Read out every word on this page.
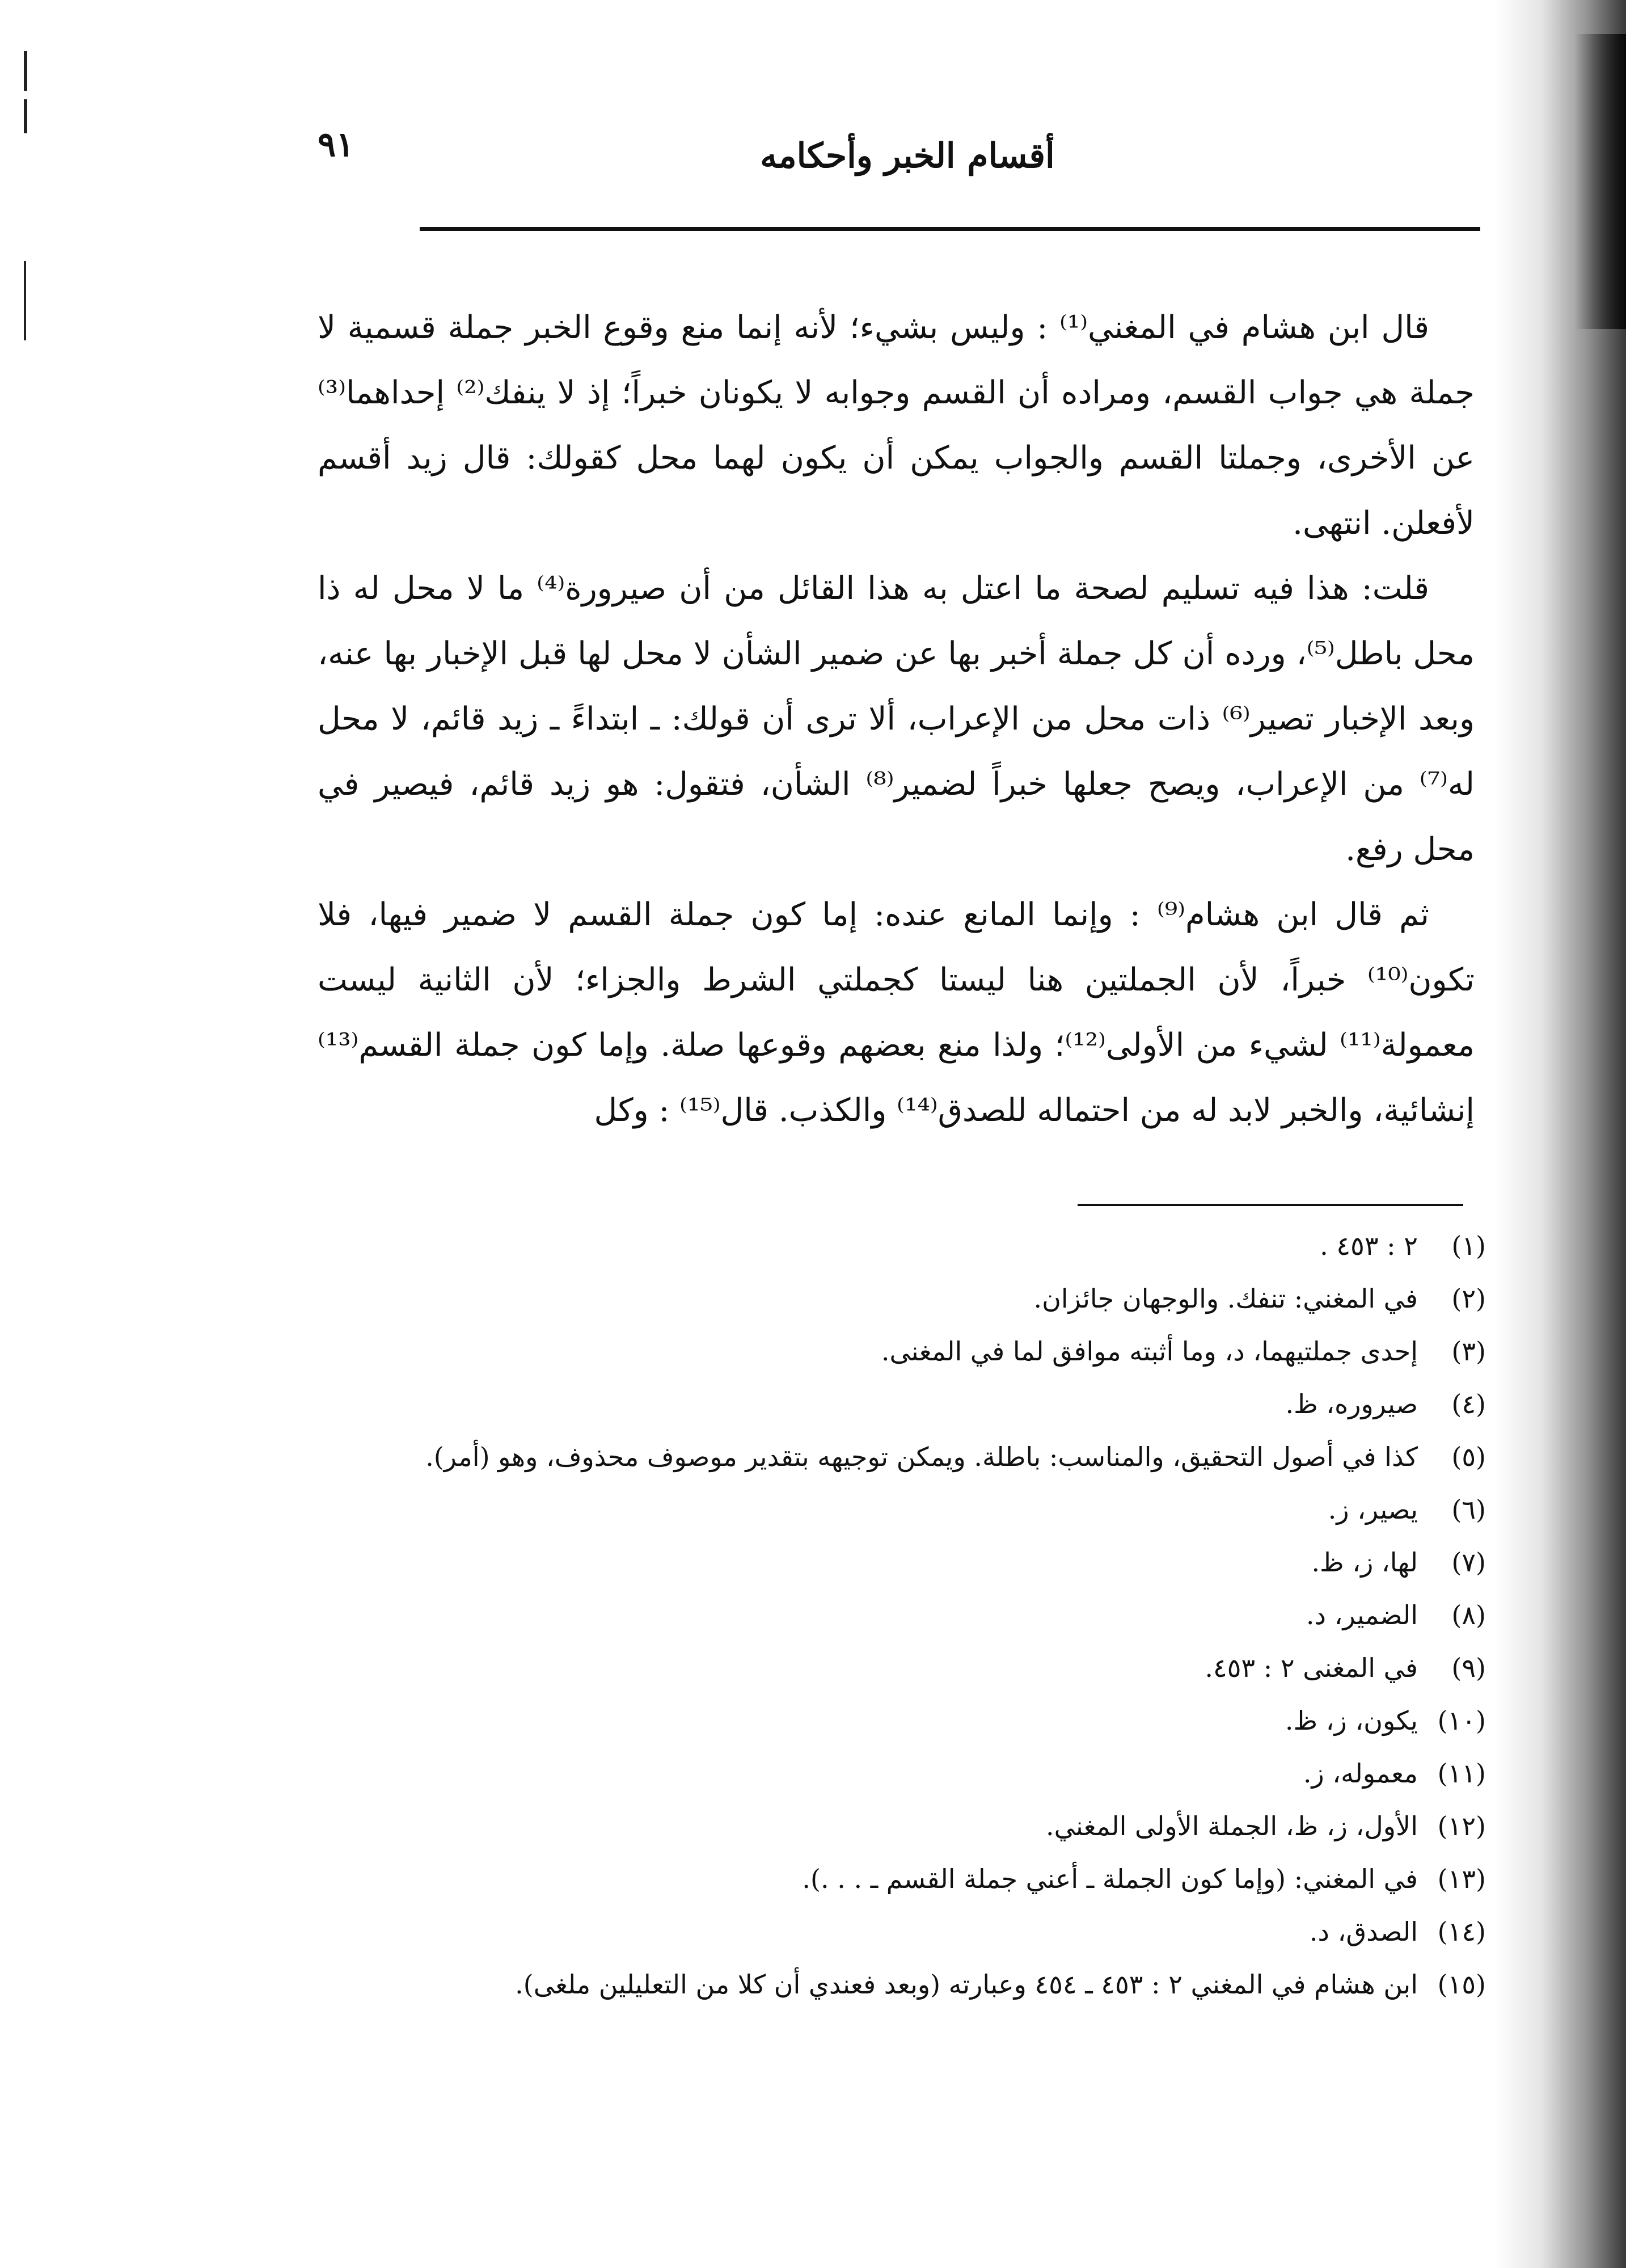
أقسام الخبر وأحكامه
٩١

قال ابن هشام في المغني⁽¹⁾ : وليس بشيء؛ لأنه إنما منع وقوع الخبر جملة قسمية لا جملة هي جواب القسم، ومراده أن القسم وجوابه لا يكونان خبراً؛ إذ لا ينفك⁽²⁾ إحداهما⁽³⁾ عن الأخرى، وجملتا القسم والجواب يمكن أن يكون لهما محل كقولك: قال زيد أقسم لأفعلن. انتهى.

قلت: هذا فيه تسليم لصحة ما اعتل به هذا القائل من أن صيرورة⁽⁴⁾ ما لا محل له ذا محل باطل⁽⁵⁾، ورده أن كل جملة أخبر بها عن ضمير الشأن لا محل لها قبل الإخبار بها عنه، وبعد الإخبار تصير⁽⁶⁾ ذات محل من الإعراب، ألا ترى أن قولك: ـ ابتداءً ـ زيد قائم، لا محل له⁽⁷⁾ من الإعراب، ويصح جعلها خبراً لضمير⁽⁸⁾ الشأن، فتقول: هو زيد قائم، فيصير في محل رفع.

ثم قال ابن هشام⁽⁹⁾ : وإنما المانع عنده: إما كون جملة القسم لا ضمير فيها، فلا تكون⁽¹⁰⁾ خبراً، لأن الجملتين هنا ليستا كجملتي الشرط والجزاء؛ لأن الثانية ليست معمولة⁽¹¹⁾ لشيء من الأولى⁽¹²⁾؛ ولذا منع بعضهم وقوعها صلة. وإما كون جملة القسم⁽¹³⁾ إنشائية، والخبر لابد له من احتماله للصدق⁽¹⁴⁾ والكذب. قال⁽¹⁵⁾ : وكل

(١)
٢ : ٤٥٣ .
(٢)
في المغني: تنفك. والوجهان جائزان.
(٣)
إحدى جملتيهما، د، وما أثبته موافق لما في المغنى.
(٤)
صيروره، ظ.
(٥)
كذا في أصول التحقيق، والمناسب: باطلة. ويمكن توجيهه بتقدير موصوف محذوف، وهو (أمر).
(٦)
يصير، ز.
(٧)
لها، ز، ظ.
(٨)
الضمير، د.
(٩)
في المغنى ٢ : ٤٥٣.
(١٠)
يكون، ز، ظ.
(١١)
معموله، ز.
(١٢)
الأول، ز، ظ، الجملة الأولى المغني.
(١٣)
في المغني: (وإما كون الجملة ـ أعني جملة القسم ـ . . .).
(١٤)
الصدق، د.
(١٥)
ابن هشام في المغني ٢ : ٤٥٣ ـ ٤٥٤ وعبارته (وبعد فعندي أن كلا من التعليلين ملغى).
